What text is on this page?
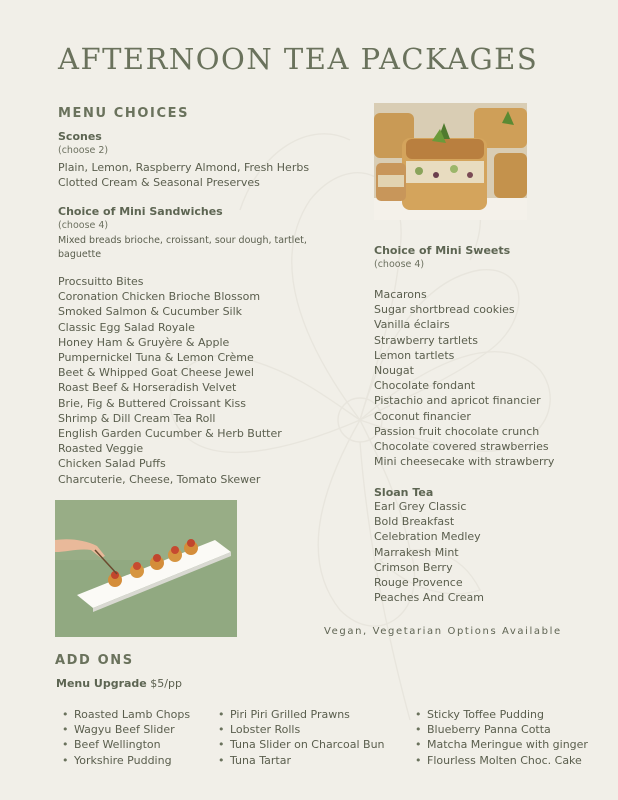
AFTERNOON TEA PACKAGES
MENU CHOICES
Scones
(choose 2)
Plain, Lemon, Raspberry Almond, Fresh Herbs
Clotted Cream & Seasonal Preserves
Choice of Mini Sandwiches
(choose 4)
Mixed breads brioche, croissant, sour dough, tartlet,
baguette
Procsuitto Bites
Coronation Chicken Brioche Blossom
Smoked Salmon & Cucumber Silk
Classic Egg Salad Royale
Honey Ham & Gruyère & Apple
Pumpernickel Tuna & Lemon Crème
Beet & Whipped Goat Cheese Jewel
Roast Beef & Horseradish Velvet
Brie, Fig & Buttered Croissant Kiss
Shrimp & Dill Cream Tea Roll
English Garden Cucumber & Herb Butter
Roasted Veggie
Chicken Salad Puffs
Charcuterie, Cheese, Tomato Skewer
Choice of Mini Sweets
(choose 4)
Macarons
Sugar shortbread cookies
Vanilla éclairs
Strawberry tartlets
Lemon tartlets
Nougat
Chocolate fondant
Pistachio and apricot financier
Coconut financier
Passion fruit chocolate crunch
Chocolate covered strawberries
Mini cheesecake with strawberry
Sloan Tea
Earl Grey Classic
Bold Breakfast
Celebration Medley
Marrakesh Mint
Crimson Berry
Rouge Provence
Peaches And Cream
Vegan, Vegetarian Options Available
ADD ONS
Menu Upgrade $5/pp
• Roasted Lamb Chops
• Wagyu Beef Slider
• Beef Wellington
• Yorkshire Pudding
• Piri Piri Grilled Prawns
• Lobster Rolls
• Tuna Slider on Charcoal Bun
• Tuna Tartar
• Sticky Toffee Pudding
• Blueberry Panna Cotta
• Matcha Meringue with ginger
• Flourless Molten Choc. Cake
